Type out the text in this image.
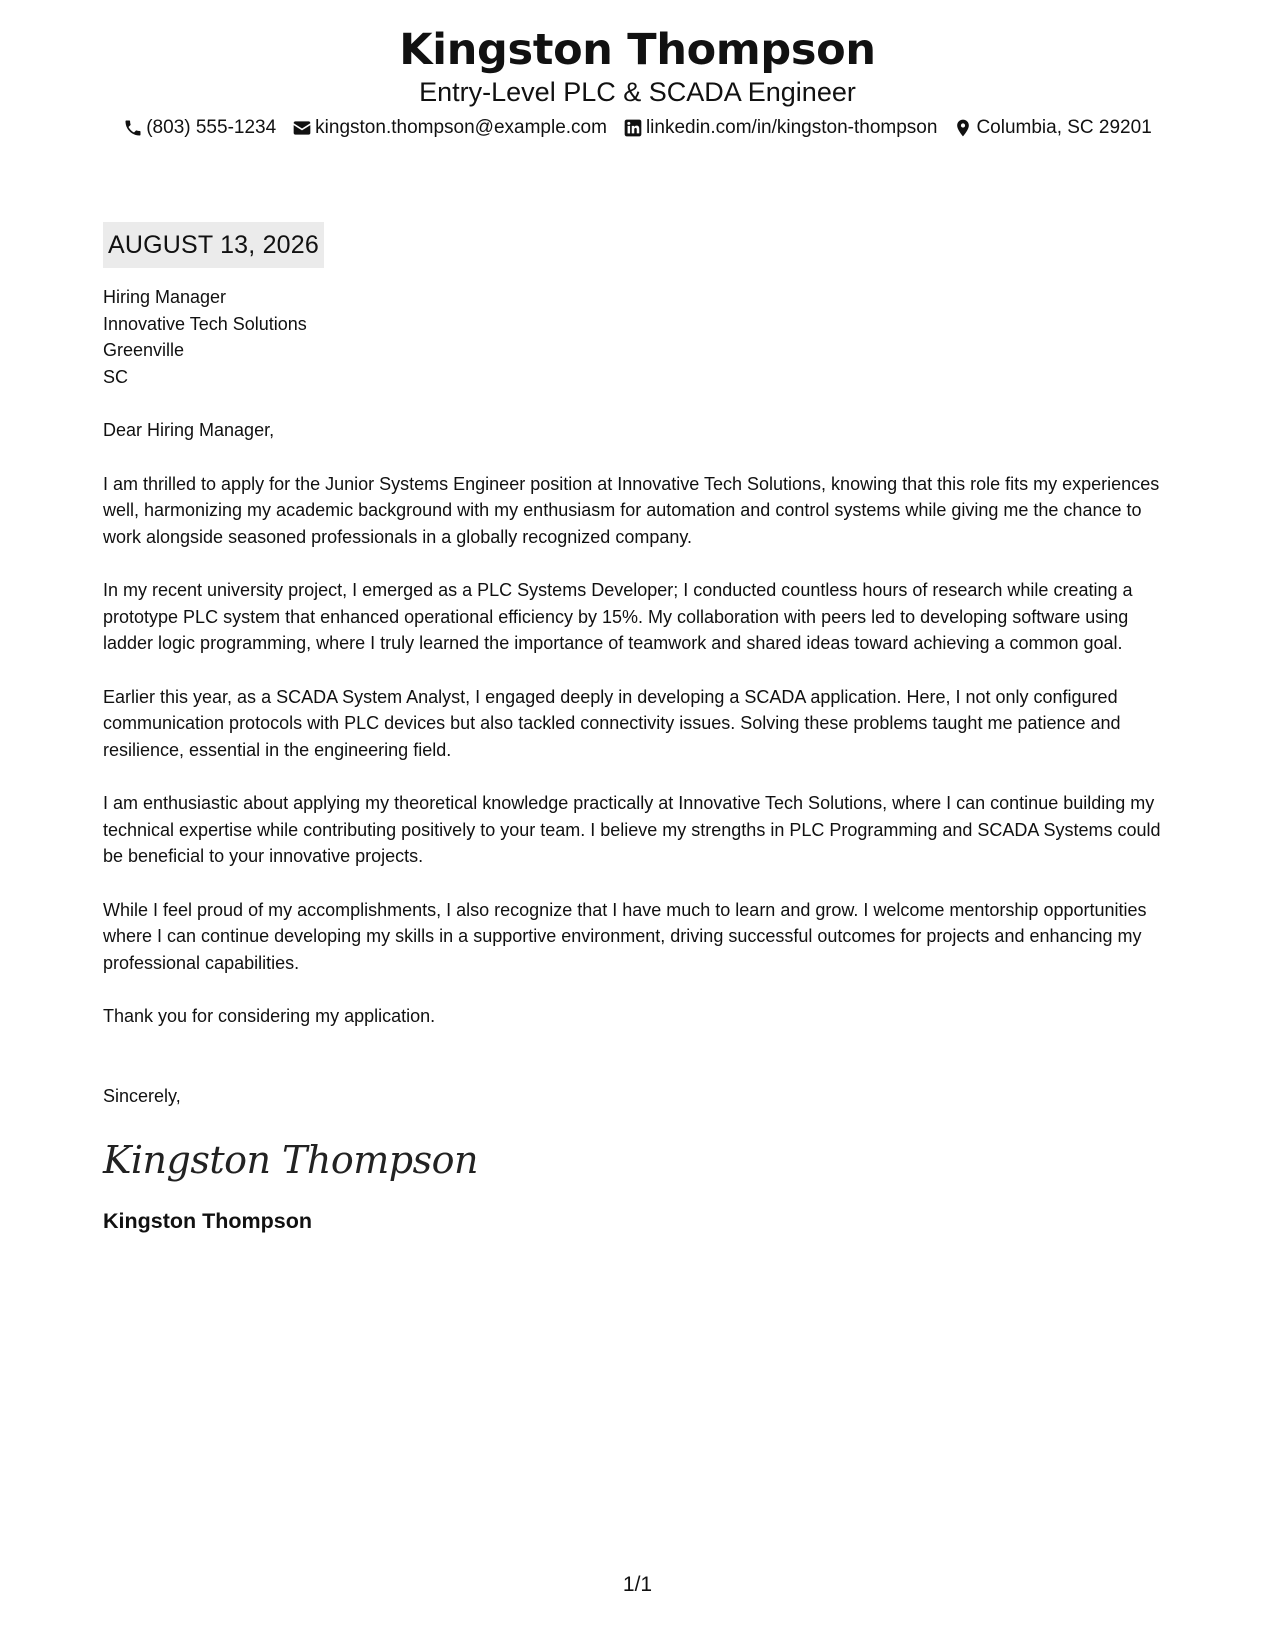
Kingston Thompson
Entry-Level PLC & SCADA Engineer
(803) 555-1234 kingston.thompson@example.com linkedin.com/in/kingston-thompson Columbia, SC 29201
AUGUST 13, 2026
Hiring Manager
Innovative Tech Solutions
Greenville
SC

Dear Hiring Manager,

I am thrilled to apply for the Junior Systems Engineer position at Innovative Tech Solutions, knowing that this role fits my experiences well, harmonizing my academic background with my enthusiasm for automation and control systems while giving me the chance to work alongside seasoned professionals in a globally recognized company.

In my recent university project, I emerged as a PLC Systems Developer; I conducted countless hours of research while creating a prototype PLC system that enhanced operational efficiency by 15%. My collaboration with peers led to developing software using ladder logic programming, where I truly learned the importance of teamwork and shared ideas toward achieving a common goal.

Earlier this year, as a SCADA System Analyst, I engaged deeply in developing a SCADA application. Here, I not only configured communication protocols with PLC devices but also tackled connectivity issues. Solving these problems taught me patience and resilience, essential in the engineering field.

I am enthusiastic about applying my theoretical knowledge practically at Innovative Tech Solutions, where I can continue building my technical expertise while contributing positively to your team. I believe my strengths in PLC Programming and SCADA Systems could be beneficial to your innovative projects.

While I feel proud of my accomplishments, I also recognize that I have much to learn and grow. I welcome mentorship opportunities where I can continue developing my skills in a supportive environment, driving successful outcomes for projects and enhancing my professional capabilities.

Thank you for considering my application.

Sincerely,

Kingston Thompson
Kingston Thompson
1/1
